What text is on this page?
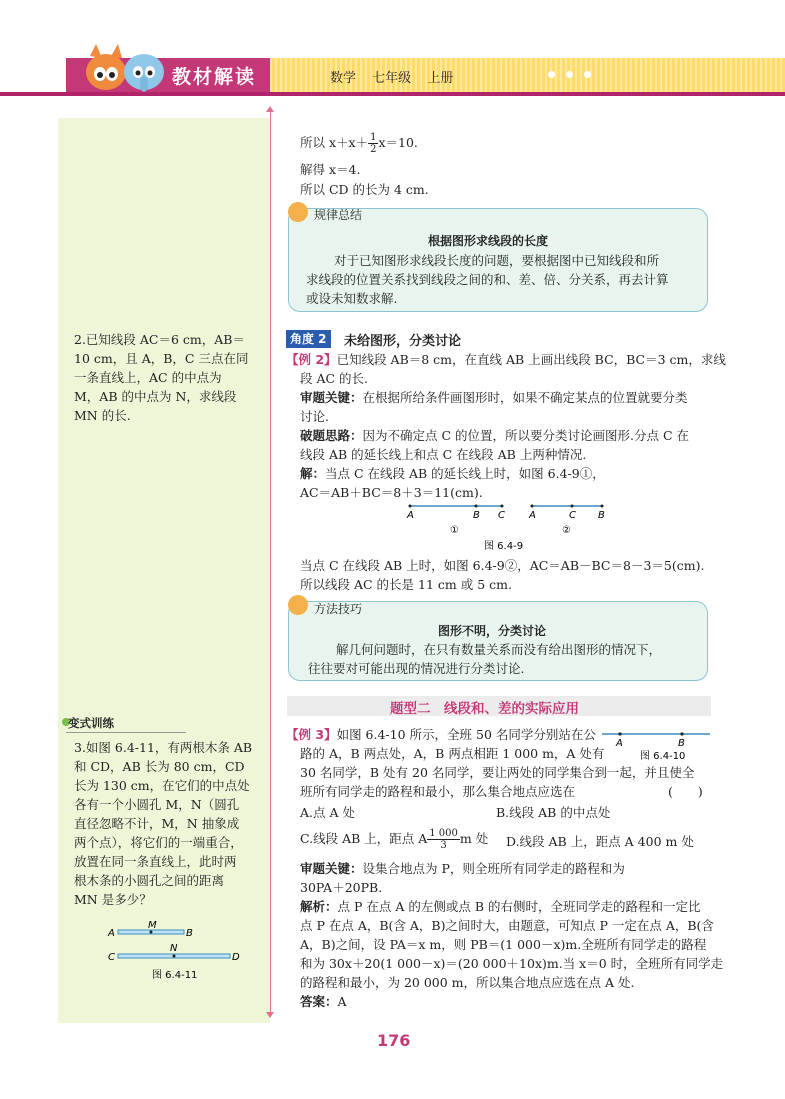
教材解读	数学 七年级 上册
2.已知线段 AC＝6 cm，AB＝
10 cm，且 A，B，C 三点在同
一条直线上，AC 的中点为
M，AB 的中点为 N，求线段
MN 的长.
变式训练
3.如图 6.4-11，有两根木条 AB
和 CD，AB 长为 80 cm，CD
长为 130 cm，在它们的中点处
各有一个小圆孔 M，N（圆孔
直径忽略不计，M，N 抽象成
两个点），将它们的一端重合，
放置在同一条直线上，此时两
根木条的小圆孔之间的距离
MN 是多少？
A
M
B
N
C	D
图 6.4-11
所以 $x+x+ \frac{1}{2} x=10$.
解得 x＝4.
所以 CD 的长为 4 cm.
规律总结
根据图形求线段的长度
对于已知图形求线段长度的问题，要根据图中已知线段和所
求线段的位置关系找到线段之间的和、差、倍、分关系，再去计算
或设未知数求解.
角度 2	未给图形，分类讨论
【例 2】已知线段 AB＝8 cm，在直线 AB 上画出线段 BC，BC＝3 cm，求线
段 AC 的长.
审题关键：在根据所给条件画图形时，如果不确定某点的位置就要分类
讨论.
破题思路：因为不确定点 C 的位置，所以要分类讨论画图形.分点 C 在
线段 AB 的延长线上和点 C 在线段 AB 上两种情况.
解：当点 C 在线段 AB 的延长线上时，如图 6.4-9①，
AC＝AB＋BC＝8＋3＝11(cm).
A	B C
①
A	C B
②
图 6.4-9
当点 C 在线段 AB 上时，如图 6.4-9②，AC＝AB－BC＝8－3＝5(cm).
所以线段 AC 的长是 11 cm 或 5 cm.
方法技巧
图形不明，分类讨论
解几何问题时，在只有数量关系而没有给出图形的情况下，
往往要对可能出现的情况进行分类讨论.
题型二　线段和、差的实际应用
【例 3】如图 6.4-10 所示，全班 50 名同学分别站在公
A	B
图 6.4-10
路的 A，B 两点处，A，B 两点相距 1 000 m，A 处有
30 名同学，B 处有 20 名同学，要让两处的同学集合到一起，并且使全
班所有同学走的路程和最小，那么集合地点应选在	(　　)
A.点 A 处	B.线段 AB 的中点处
C.线段 AB 上，距点 A $\frac{1 000}{3}$ m 处 D.线段 AB 上，距点 A 400 m 处
审题关键：设集合地点为 P，则全班所有同学走的路程和为
30PA＋20PB.
解析：点 P 在点 A 的左侧或点 B 的右侧时，全班同学走的路程和一定比
点 P 在点 A，B(含 A，B)之间时大，由题意，可知点 P 一定在点 A，B(含
A，B)之间，设 PA＝x m，则 PB＝(1 000－x)m.全班所有同学走的路程
和为 30x＋20(1 000－x)＝(20 000＋10x)m.当 x＝0 时，全班所有同学走
的路程和最小，为 20 000 m，所以集合地点应选在点 A 处.
答案：A
176
